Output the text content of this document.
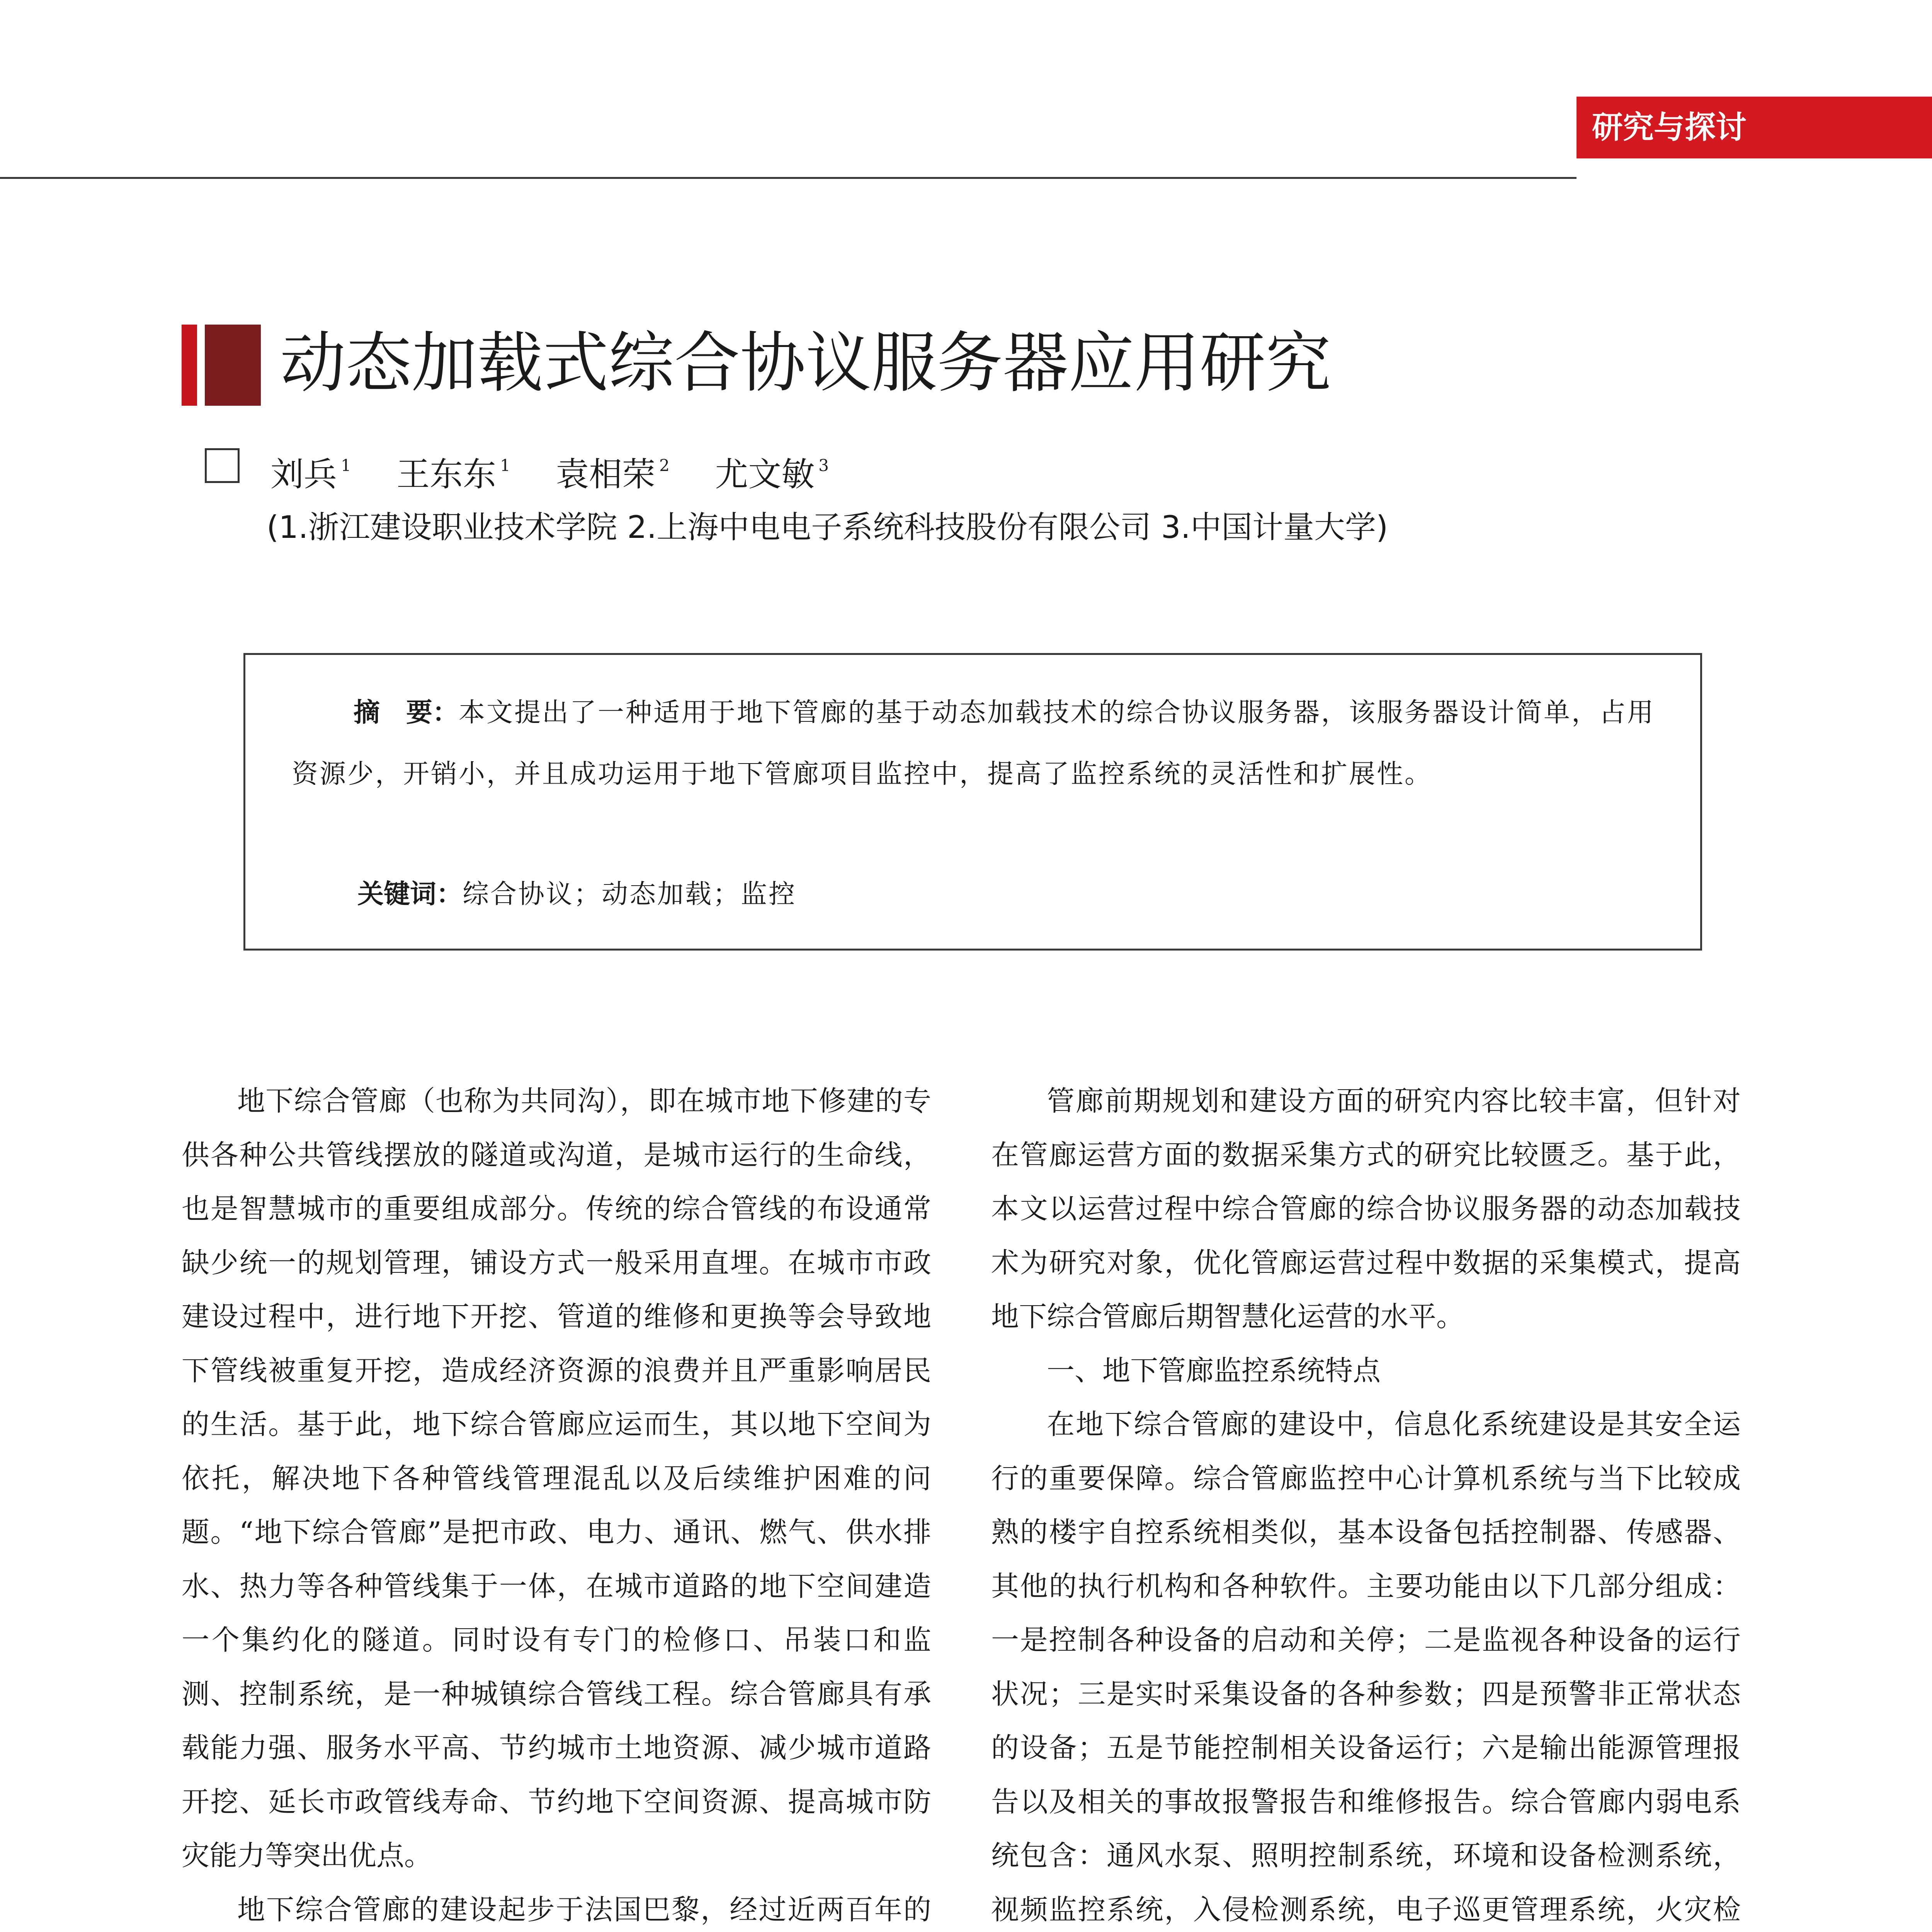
研究与探讨
动态加载式综合协议服务器应用研究
刘兵 $^1$ 王东东 $^1$ 袁相荣 $^2$ 尤文敏 $^3$
(1.浙江建设职业技术学院 2.上海中电电子系统科技股份有限公司 3.中国计量大学)
摘　要：本文提出了一种适用于地下管廊的基于动态加载技术的综合协议服务器，该服务器设计简单，占用资源少，开销小，并且成功运用于地下管廊项目监控中，提高了监控系统的灵活性和扩展性。
关键词：综合协议；动态加载；监控

地下综合管廊（也称为共同沟），即在城市地下修建的专供各种公共管线摆放的隧道或沟道，是城市运行的生命线，也是智慧城市的重要组成部分。传统的综合管线的布设通常缺少统一的规划管理，铺设方式一般采用直埋。在城市市政建设过程中，进行地下开挖、管道的维修和更换等会导致地下管线被重复开挖，造成经济资源的浪费并且严重影响居民的生活。基于此，地下综合管廊应运而生，其以地下空间为依托，解决地下各种管线管理混乱以及后续维护困难的问题。“地下综合管廊”是把市政、电力、通讯、燃气、供水排水、热力等各种管线集于一体，在城市道路的地下空间建造一个集约化的隧道。同时设有专门的检修口、吊装口和监测、控制系统，是一种城镇综合管线工程。综合管廊具有承载能力强、服务水平高、节约城市土地资源、减少城市道路开挖、延长市政管线寿命、节约地下空间资源、提高城市防灾能力等突出优点。

地下综合管廊的建设起步于法国巴黎，经过近两百年的

管廊前期规划和建设方面的研究内容比较丰富，但针对在管廊运营方面的数据采集方式的研究比较匮乏。基于此，本文以运营过程中综合管廊的综合协议服务器的动态加载技术为研究对象，优化管廊运营过程中数据的采集模式，提高地下综合管廊后期智慧化运营的水平。

一、地下管廊监控系统特点

在地下综合管廊的建设中，信息化系统建设是其安全运行的重要保障。综合管廊监控中心计算机系统与当下比较成熟的楼宇自控系统相类似，基本设备包括控制器、传感器、其他的执行机构和各种软件。主要功能由以下几部分组成：一是控制各种设备的启动和关停；二是监视各种设备的运行状况；三是实时采集设备的各种参数；四是预警非正常状态的设备；五是节能控制相关设备运行；六是输出能源管理报告以及相关的事故报警报告和维修报告。综合管廊内弱电系统包含：通风水泵、照明控制系统，环境和设备检测系统，视频监控系统，入侵检测系统，电子巡更管理系统，火灾检
